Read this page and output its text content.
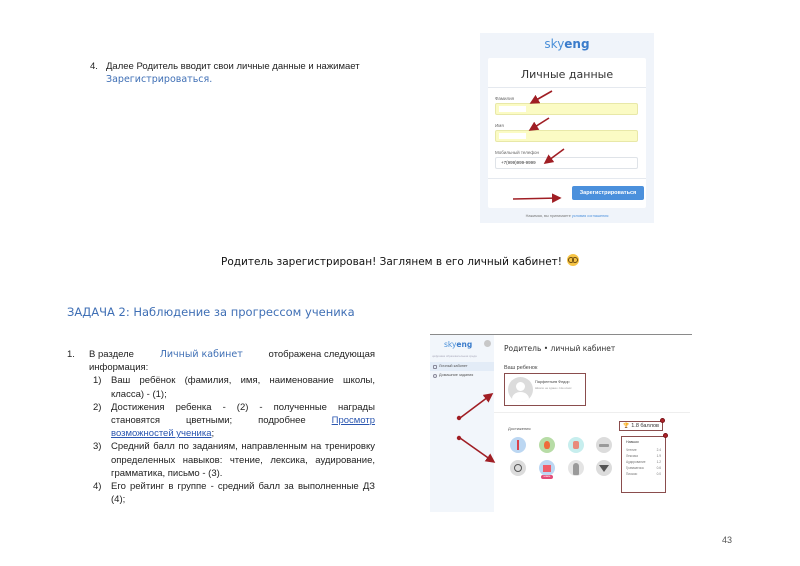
4. Далее Родитель вводит свои личные данные и нажимает
Зарегистрироваться.
skyeng
Личные данные
Фамилия
Имя
Мобильный телефон
+7(999)999-9999
Зарегистрироваться
Нажимая, вы принимаете условия соглашения
Родитель зарегистрирован! Заглянем в его личный кабинет!
ЗАДАЧА 2: Наблюдение за прогрессом ученика
1. В разделе	Личный кабинет	отображена следующая
информация:
1) Ваш ребёнок (фамилия, имя, наименование школы, класса) - (1);
2) Достижения ребенка - (2) - полученные награды
становятся	цветными;	подробнее	Просмотр
возможностей ученика;
3) Средний балл по заданиям, направленным на тренировку определенных навыков: чтение, лексика, аудирование, грамматика, письмо - (3).
4) Его рейтинг в группе - средний балл за выполненные ДЗ (4);
skyeng
цифровая образовательная среда
Личный кабинет
Домашние задания
Родитель • личный кабинет
Ваш ребенок
Парфентьев Федор
Школа: не сдана • 11а класс
Достижения
новое
🏆 1.8 баллов
Навыки
Чтение	2.4
Лексика	1.9
Аудирование	1.2
Грамматика	0.6
Письмо	0.0
43
